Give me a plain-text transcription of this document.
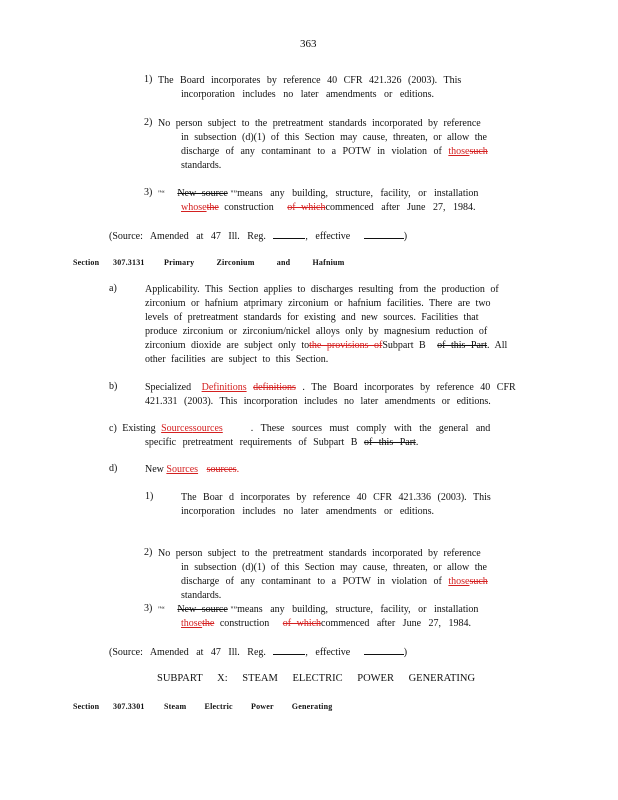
363
1) The Board incorporates by reference 40 CFR 421.326 (2003). This
incorporation includes no later amendments or editions.
2) No person subject to the pretreatment standards incorporated by reference
in subsection (d)(1) of this Section may cause, threaten, or allow the
discharge of any contaminant to a POTW in violation of thosesuch
standards.
3) "“ New source "”means any building, structure, facility, or installation
whosethe construction of whichcommenced after June 27, 1984.
(Source: Amended at 47 Ill. Reg.	, effective	)
Section 307.3131 Primary Zirconium and Hafnium
a)	Applicability. This Section applies to discharges resulting from the production of
zirconium or hafnium atprimary zirconium or hafnium facilities. There are two
levels of pretreatment standards for existing and new sources. Facilities that
produce zirconium or zirconium/nickel alloys only by magnesium reduction of
zirconium dioxide are subject only tothe provisions ofSubpart B of this Part. All
other facilities are subject to this Section.
b)	Specialized Definitions definitions . The Board incorporates by reference 40 CFR
421.331 (2003). This incorporation includes no later amendments or editions.
c) Existing Sourcessources	. These sources must comply with the general and
specific pretreatment requirements of Subpart B of this Part.
d)	New Sources sources.
1)	The Boar d incorporates by reference 40 CFR 421.336 (2003). This
incorporation includes no later amendments or editions.
2) No person subject to the pretreatment standards incorporated by reference
in subsection (d)(1) of this Section may cause, threaten, or allow the
discharge of any contaminant to a POTW in violation of thosesuch
standards.
3) "“ New source "”means any building, structure, facility, or installation
thosethe construction of whichcommenced after June 27, 1984.
(Source: Amended at 47 Ill. Reg.	, effective	)
SUBPART X: STEAM ELECTRIC POWER GENERATING
Section 307.3301 Steam Electric Power Generating
